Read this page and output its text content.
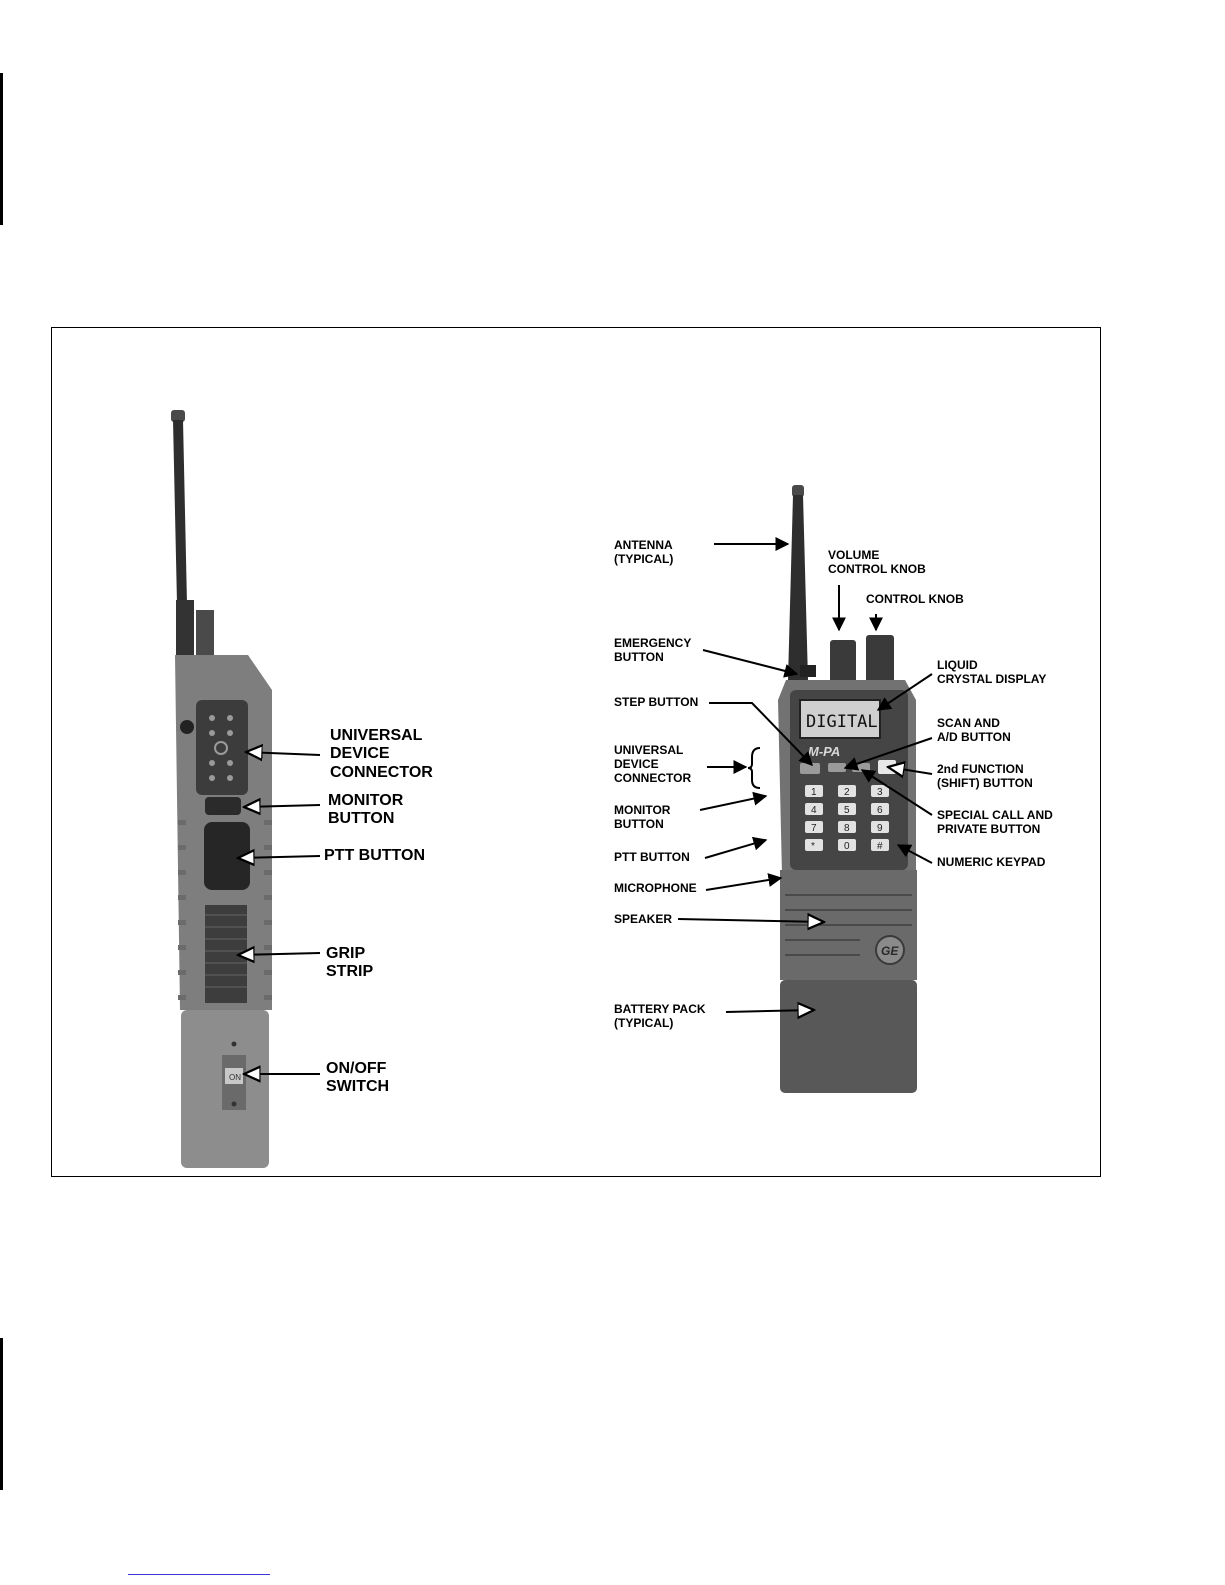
ON
DIGITAL
M-PA
1	2	3
4	5	6
7	8	9
*	0	#
GE
UNIVERSAL
DEVICE
CONNECTOR
MONITOR
BUTTON
PTT BUTTON
GRIP
STRIP
ON/OFF
SWITCH
ANTENNA
(TYPICAL)	VOLUME
CONTROL KNOB
CONTROL KNOB
EMERGENCY
BUTTON
STEP BUTTON
UNIVERSAL
DEVICE
CONNECTOR
MONITOR
BUTTON
PTT BUTTON
MICROPHONE
SPEAKER
BATTERY PACK
(TYPICAL)
LIQUID
CRYSTAL DISPLAY
SCAN AND
A/D BUTTON
2nd FUNCTION
(SHIFT) BUTTON
SPECIAL CALL AND
PRIVATE BUTTON
NUMERIC KEYPAD
